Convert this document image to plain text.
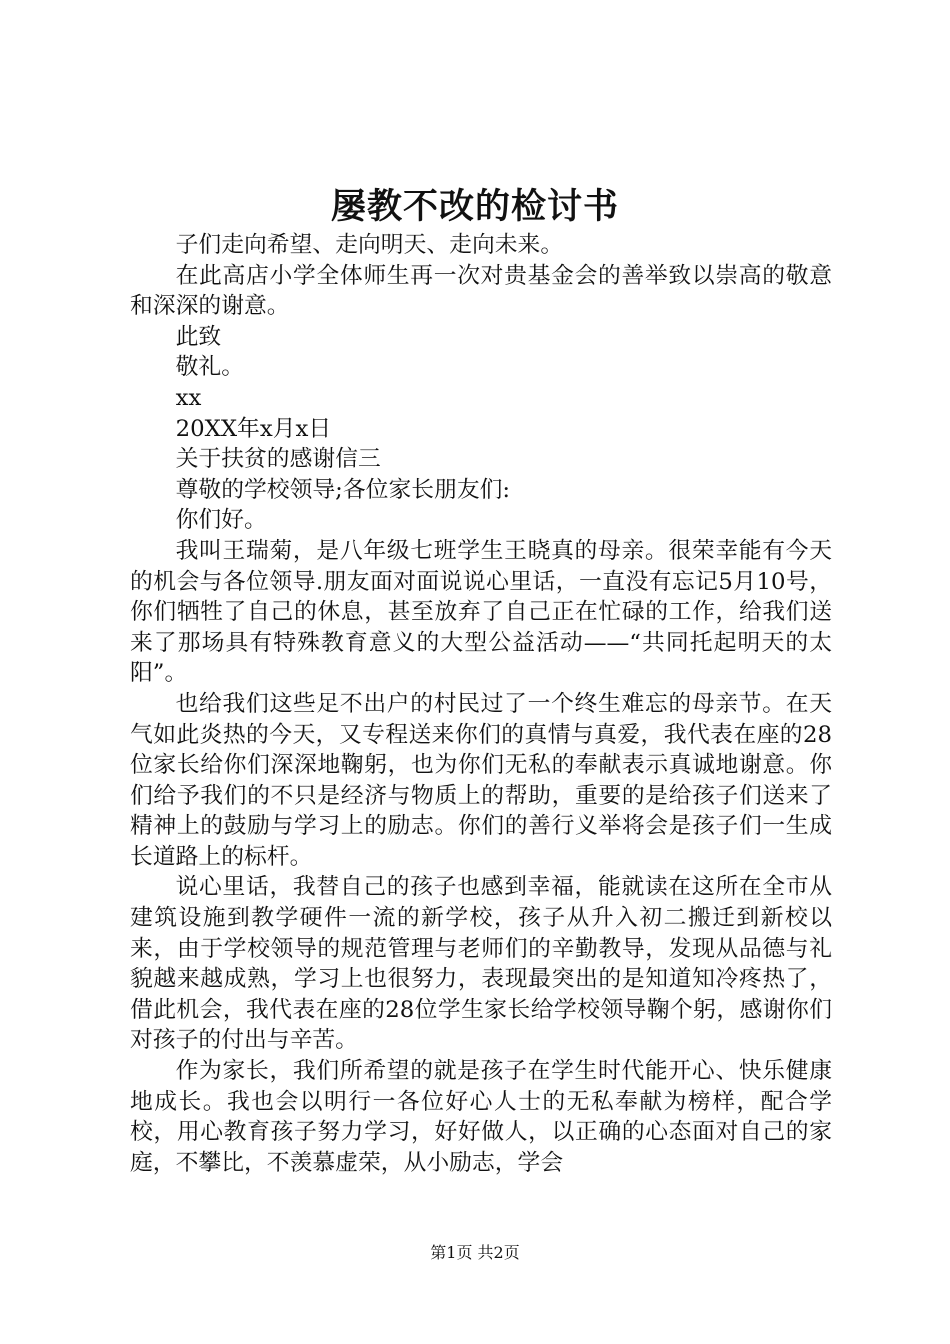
屡教不改的检讨书

子们走向希望、走向明天、走向未来。

在此高店小学全体师生再一次对贵基金会的善举致以崇高的敬意和深深的谢意。

此致

敬礼。

xx

20XX年x月x日

关于扶贫的感谢信三

尊敬的学校领导;各位家长朋友们:

你们好。

我叫王瑞菊，是八年级七班学生王晓真的母亲。很荣幸能有今天的机会与各位领导.朋友面对面说说心里话，一直没有忘记5月10号，你们牺牲了自己的休息，甚至放弃了自己正在忙碌的工作，给我们送来了那场具有特殊教育意义的大型公益活动——“共同托起明天的太阳”。

也给我们这些足不出户的村民过了一个终生难忘的母亲节。在天气如此炎热的今天，又专程送来你们的真情与真爱，我代表在座的28位家长给你们深深地鞠躬，也为你们无私的奉献表示真诚地谢意。你们给予我们的不只是经济与物质上的帮助，重要的是给孩子们送来了精神上的鼓励与学习上的励志。你们的善行义举将会是孩子们一生成长道路上的标杆。

说心里话，我替自己的孩子也感到幸福，能就读在这所在全市从建筑设施到教学硬件一流的新学校，孩子从升入初二搬迁到新校以来，由于学校领导的规范管理与老师们的辛勤教导，发现从品德与礼貌越来越成熟，学习上也很努力，表现最突出的是知道知冷疼热了，借此机会，我代表在座的28位学生家长给学校领导鞠个躬，感谢你们对孩子的付出与辛苦。

作为家长，我们所希望的就是孩子在学生时代能开心、快乐健康地成长。我也会以明行一各位好心人士的无私奉献为榜样，配合学校，用心教育孩子努力学习，好好做人，以正确的心态面对自己的家庭，不攀比，不羡慕虚荣，从小励志，学会

第1页 共2页
